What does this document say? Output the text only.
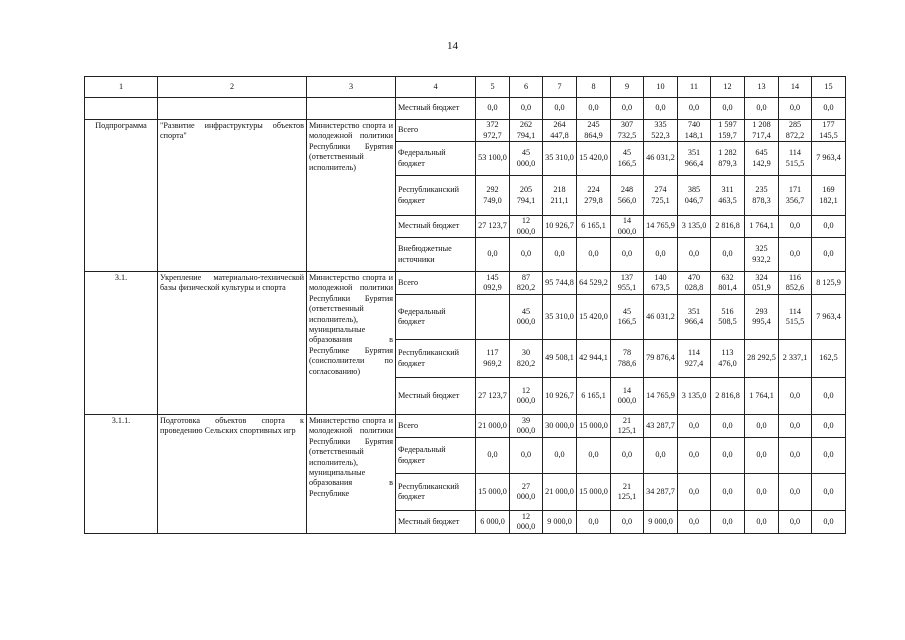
14
1	2	3	4	5	6	7	8	9	10	11	12	13	14	15
			Местный бюджет	0,0	0,0	0,0	0,0	0,0	0,0	0,0	0,0	0,0	0,0	0,0

Подпрограмма	"Развитие инфраструктуры объектов спорта"	Министерство спорта и молодежной политики Республики Бурятия (ответственный исполнитель)	Всего	372 972,7	262 794,1	264 447,8	245 864,9	307 732,5	335 522,3	740 148,1	1 597 159,7	1 208 717,4	285 872,2	177 145,5

			Федеральный бюджет	53 100,0	45 000,0	35 310,0	15 420,0	45 166,5	46 031,2	351 966,4	1 282 879,3	645 142,9	114 515,5	7 963,4

			Республиканский бюджет	292 749,0	205 794,1	218 211,1	224 279,8	248 566,0	274 725,1	385 046,7	311 463,5	235 878,3	171 356,7	169 182,1

			Местный бюджет	27 123,7	12 000,0	10 926,7	6 165,1	14 000,0	14 765,9	3 135,0	2 816,8	1 764,1	0,0	0,0

			Внебюджетные источники	0,0	0,0	0,0	0,0	0,0	0,0	0,0	0,0	325 932,2	0,0	0,0

3.1.	Укрепление материально-технической базы физической культуры и спорта	Министерство спорта и молодежной политики Республики Бурятия (ответственный исполнитель), муниципальные образования в Республике Бурятия (соисполнители по согласованию)	Всего	145 092,9	87 820,2	95 744,8	64 529,2	137 955,1	140 673,5	470 028,8	632 801,4	324 051,9	116 852,6	8 125,9

			Федеральный бюджет		45 000,0	35 310,0	15 420,0	45 166,5	46 031,2	351 966,4	516 508,5	293 995,4	114 515,5	7 963,4

			Республиканский бюджет	117 969,2	30 820,2	49 508,1	42 944,1	78 788,6	79 876,4	114 927,4	113 476,0	28 292,5	2 337,1	162,5

			Местный бюджет	27 123,7	12 000,0	10 926,7	6 165,1	14 000,0	14 765,9	3 135,0	2 816,8	1 764,1	0,0	0,0

3.1.1.	Подготовка объектов спорта к проведению Сельских спортивных игр	Министерство спорта и молодежной политики Республики Бурятия (ответственный исполнитель), муниципальные образования в Республике	Всего	21 000,0	39 000,0	30 000,0	15 000,0	21 125,1	43 287,7	0,0	0,0	0,0	0,0	0,0

			Федеральный бюджет	0,0	0,0	0,0	0,0	0,0	0,0	0,0	0,0	0,0	0,0	0,0

			Республиканский бюджет	15 000,0	27 000,0	21 000,0	15 000,0	21 125,1	34 287,7	0,0	0,0	0,0	0,0	0,0

			Местный бюджет	6 000,0	12 000,0	9 000,0	0,0	0,0	9 000,0	0,0	0,0	0,0	0,0	0,0
